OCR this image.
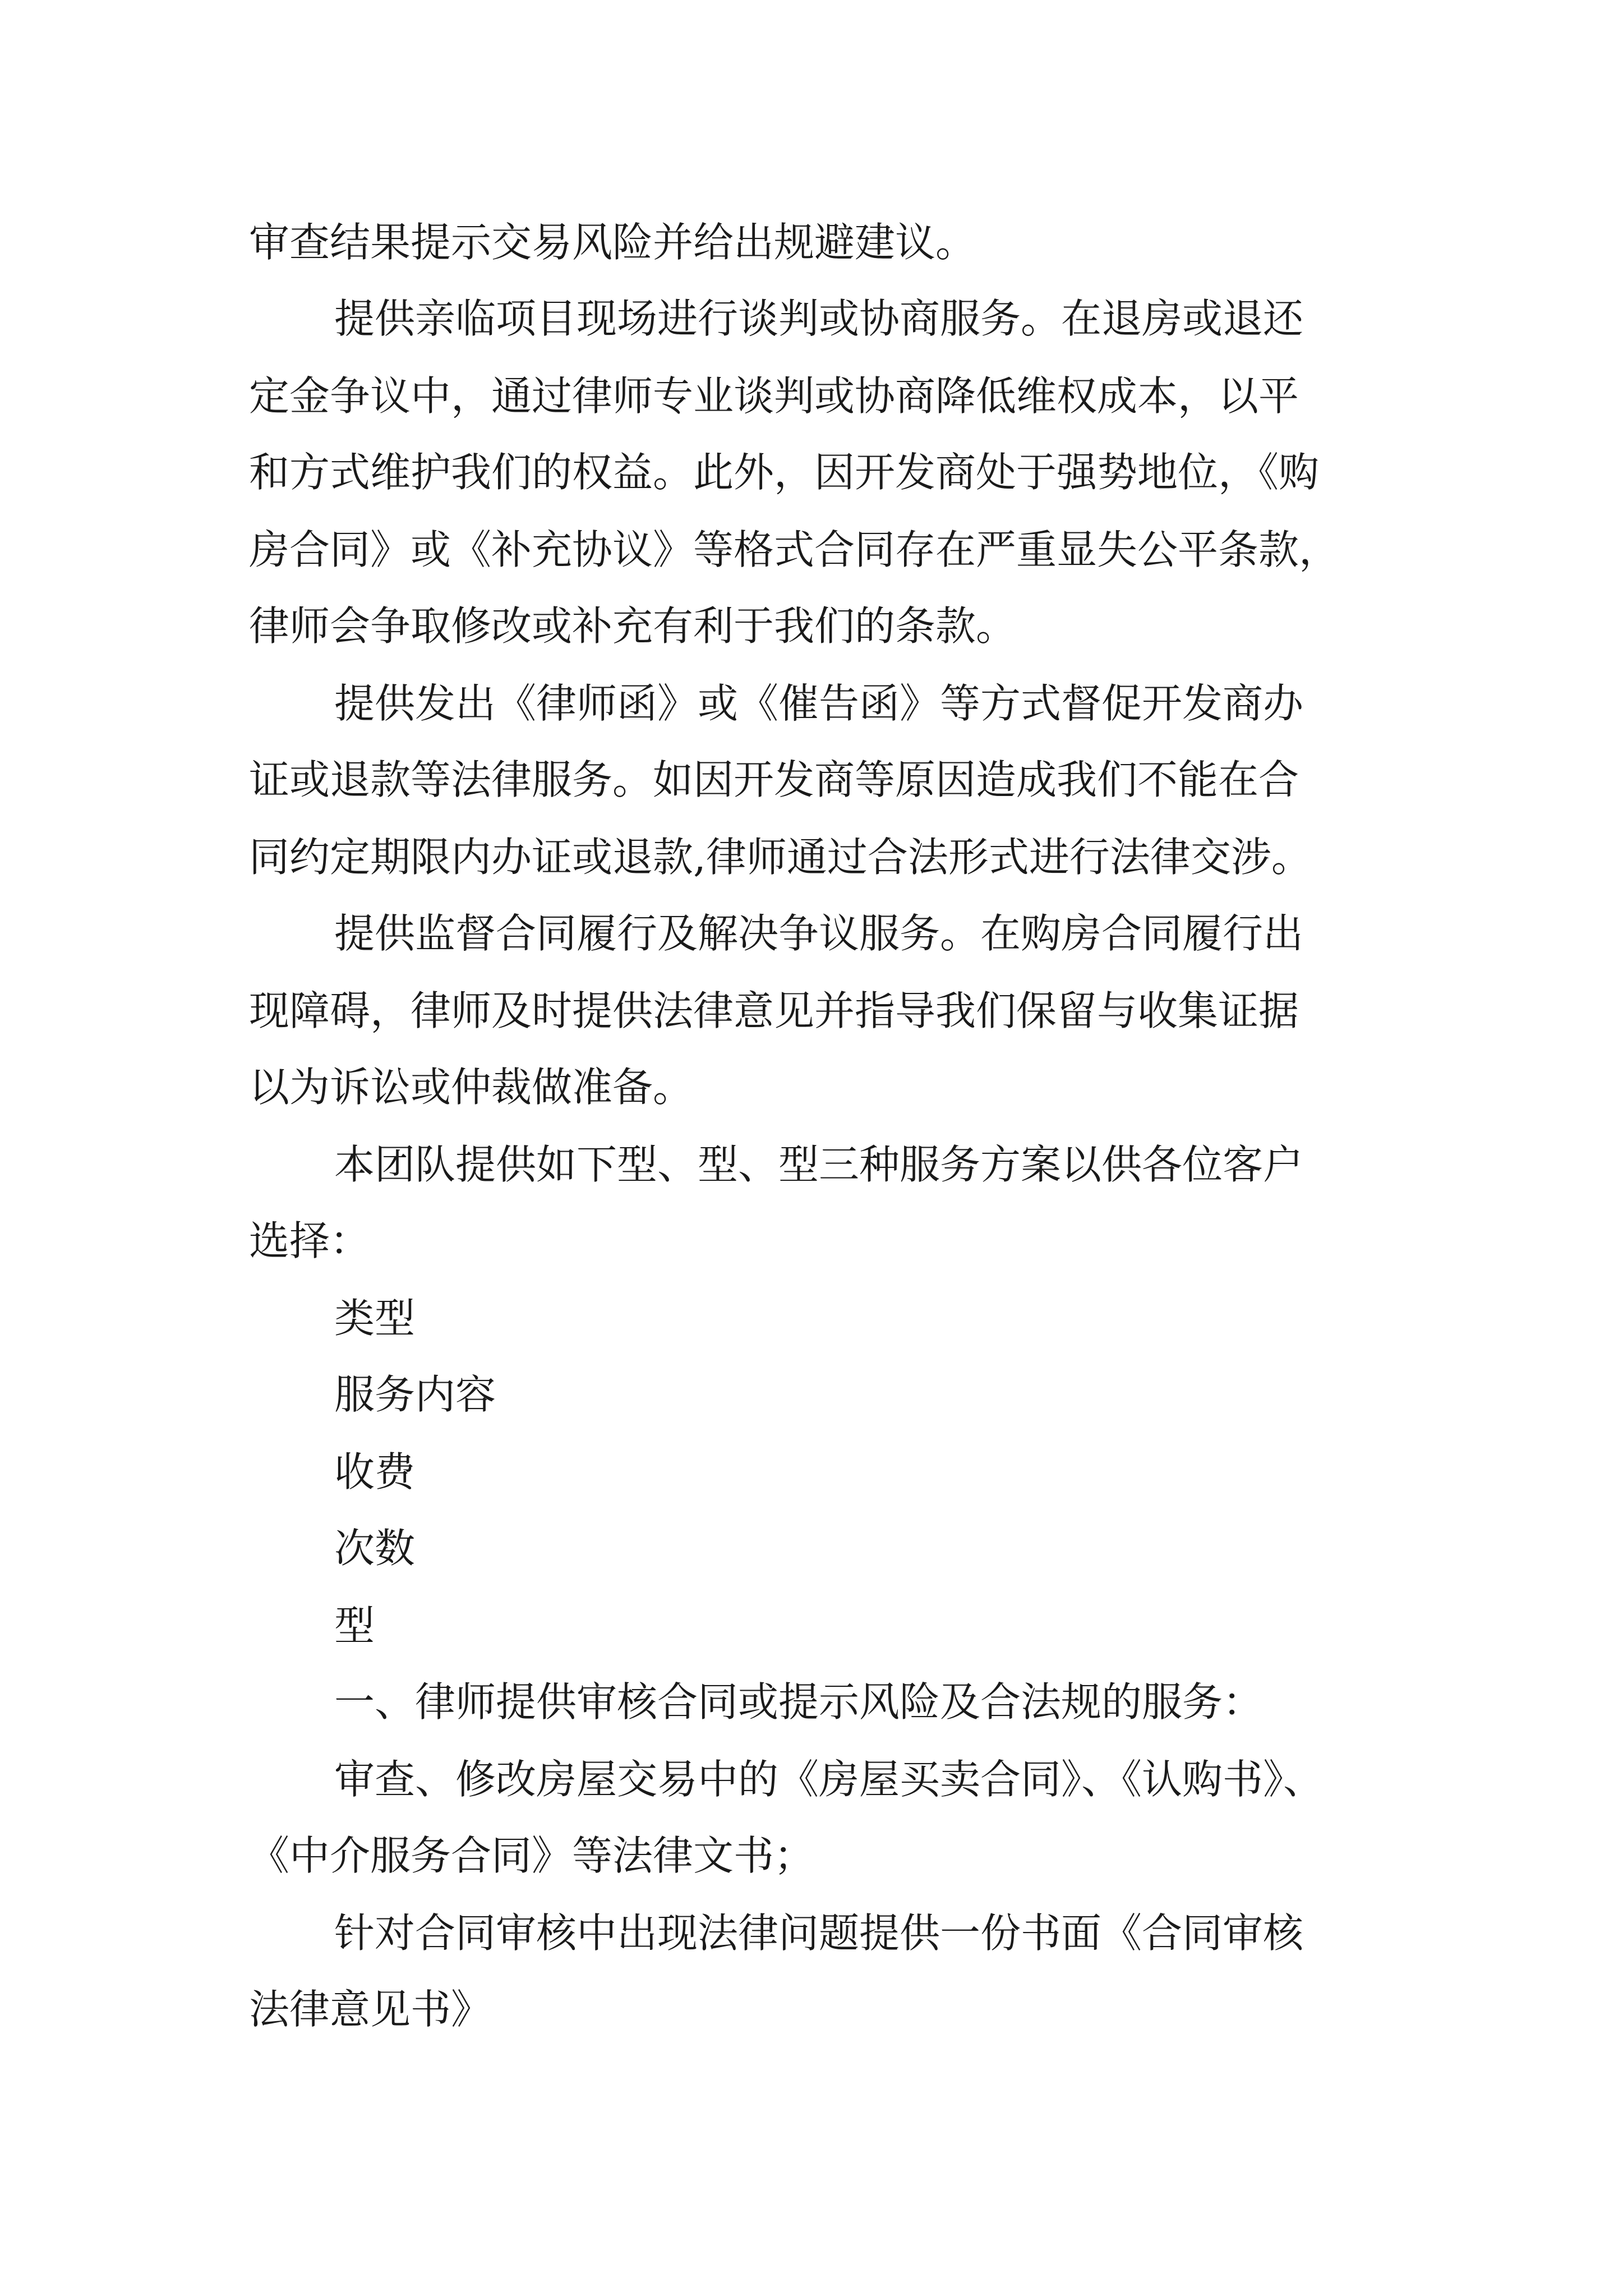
审查结果提示交易风险并给出规避建议。
提供亲临项目现场进行谈判或协商服务。在退房或退还
定金争议中，通过律师专业谈判或协商降低维权成本，以平
和方式维护我们的权益。此外，因开发商处于强势地位，《购
房合同》或《补充协议》等格式合同存在严重显失公平条款，
律师会争取修改或补充有利于我们的条款。
提供发出《律师函》或《催告函》等方式督促开发商办
证或退款等法律服务。如因开发商等原因造成我们不能在合
同约定期限内办证或退款,律师通过合法形式进行法律交涉。
提供监督合同履行及解决争议服务。在购房合同履行出
现障碍，律师及时提供法律意见并指导我们保留与收集证据
以为诉讼或仲裁做准备。
本团队提供如下型、型、型三种服务方案以供各位客户
选择：
类型
服务内容
收费
次数
型
一、律师提供审核合同或提示风险及合法规的服务：
审查、修改房屋交易中的《房屋买卖合同》、《认购书》、
《中介服务合同》等法律文书；
针对合同审核中出现法律问题提供一份书面《合同审核
法律意见书》
